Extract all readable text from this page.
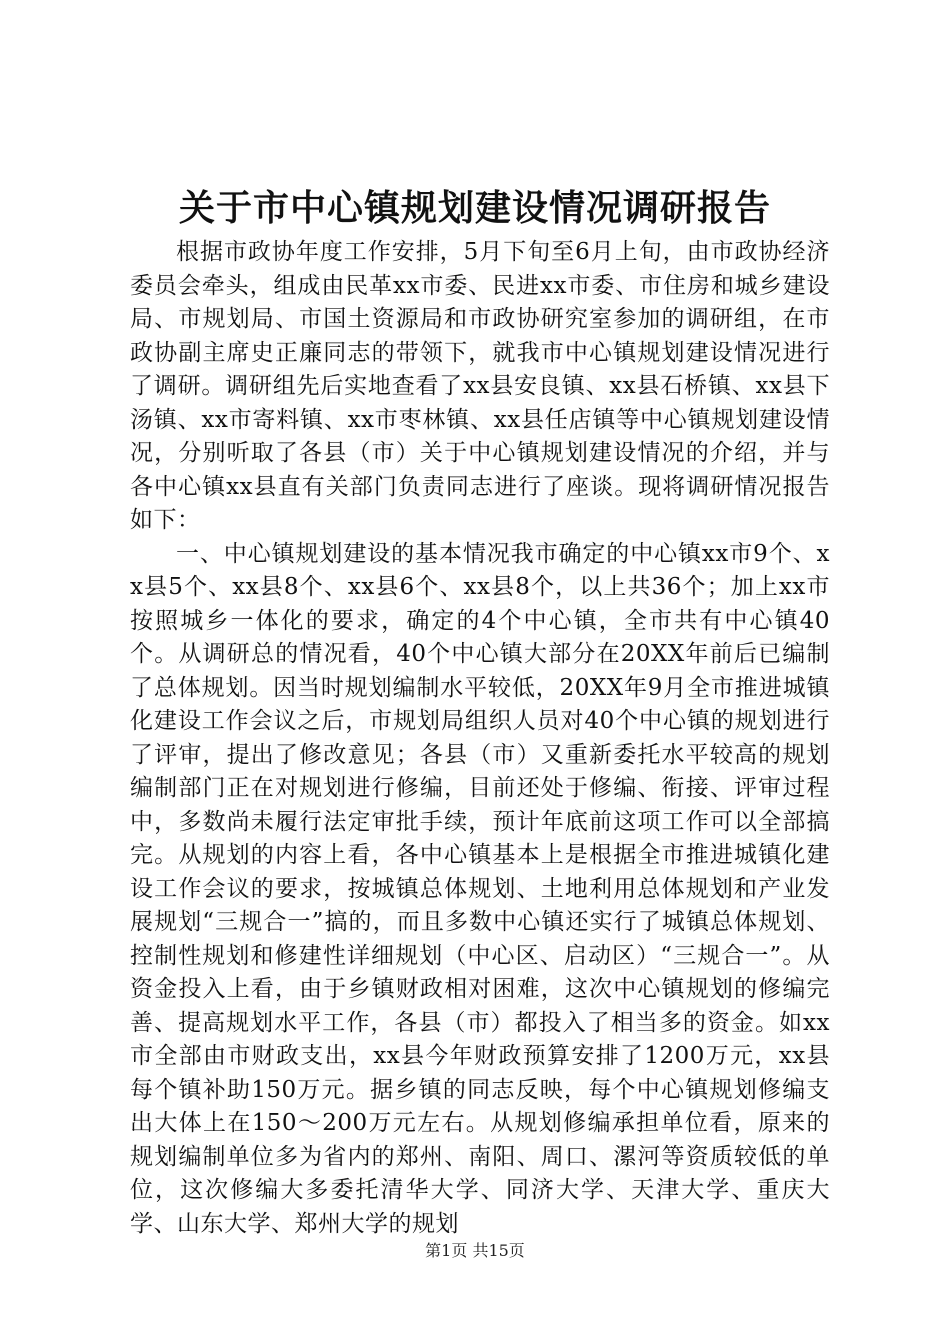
关于市中心镇规划建设情况调研报告

根据市政协年度工作安排，5月下旬至6月上旬，由市政协经济委员会牵头，组成由民革xx市委、民进xx市委、市住房和城乡建设局、市规划局、市国土资源局和市政协研究室参加的调研组，在市政协副主席史正廉同志的带领下，就我市中心镇规划建设情况进行了调研。调研组先后实地查看了xx县安良镇、xx县石桥镇、xx县下汤镇、xx市寄料镇、xx市枣林镇、xx县任店镇等中心镇规划建设情况，分别听取了各县（市）关于中心镇规划建设情况的介绍，并与各中心镇xx县直有关部门负责同志进行了座谈。现将调研情况报告如下：

一、中心镇规划建设的基本情况我市确定的中心镇xx市9个、xx县5个、xx县8个、xx县6个、xx县8个，以上共36个；加上xx市按照城乡一体化的要求，确定的4个中心镇，全市共有中心镇40个。从调研总的情况看，40个中心镇大部分在20XX年前后已编制了总体规划。因当时规划编制水平较低，20XX年9月全市推进城镇化建设工作会议之后，市规划局组织人员对40个中心镇的规划进行了评审，提出了修改意见；各县（市）又重新委托水平较高的规划编制部门正在对规划进行修编，目前还处于修编、衔接、评审过程中，多数尚未履行法定审批手续，预计年底前这项工作可以全部搞完。从规划的内容上看，各中心镇基本上是根据全市推进城镇化建设工作会议的要求，按城镇总体规划、土地利用总体规划和产业发展规划“三规合一”搞的，而且多数中心镇还实行了城镇总体规划、控制性规划和修建性详细规划（中心区、启动区）“三规合一”。从资金投入上看，由于乡镇财政相对困难，这次中心镇规划的修编完善、提高规划水平工作，各县（市）都投入了相当多的资金。如xx市全部由市财政支出，xx县今年财政预算安排了1200万元，xx县每个镇补助150万元。据乡镇的同志反映，每个中心镇规划修编支出大体上在150～200万元左右。从规划修编承担单位看，原来的规划编制单位多为省内的郑州、南阳、周口、漯河等资质较低的单位，这次修编大多委托清华大学、同济大学、天津大学、重庆大学、山东大学、郑州大学的规划

第1页 共15页
